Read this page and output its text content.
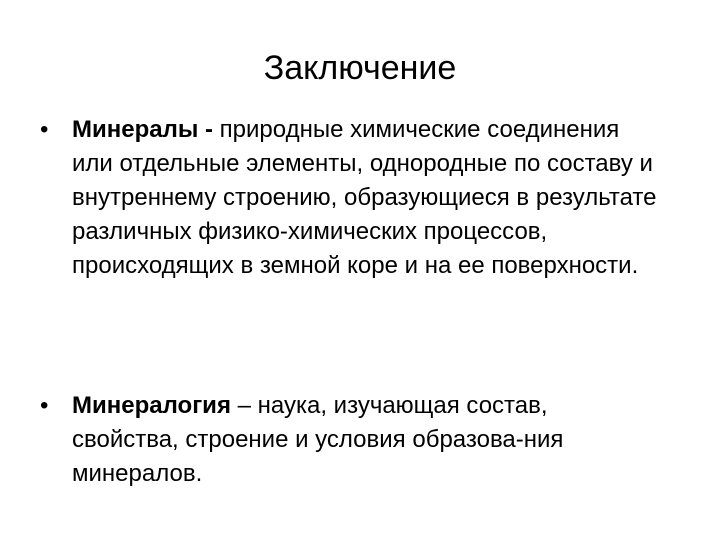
Заключение
• Минералы - природные химические соединения или отдельные элементы, однородные по составу и внутреннему строению, образующиеся в результате различных физико-химических процессов, происходящих в земной коре и на ее поверхности.
• Минералогия – наука, изучающая состав, свойства, строение и условия образова-ния минералов.
